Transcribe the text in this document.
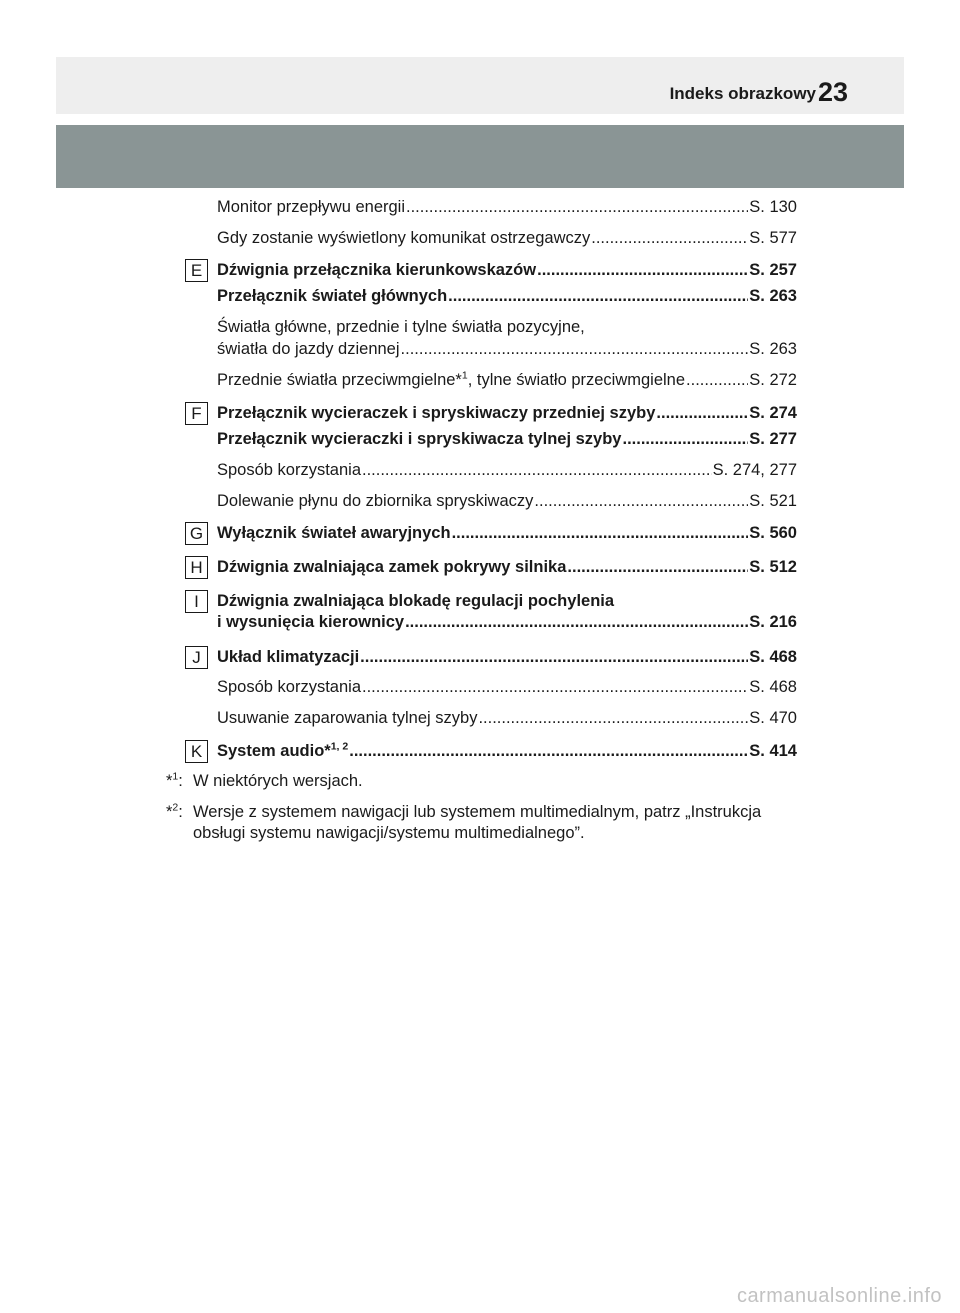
Indeks obrazkowy 23
Monitor przepływu energii .....	S. 130
Gdy zostanie wyświetlony komunikat ostrzegawczy .....	S. 577
E Dźwignia przełącznika kierunkowskazów .....	S. 257
Przełącznik świateł głównych .....	S. 263
Światła główne, przednie i tylne światła pozycyjne,
światła do jazdy dziennej .....	S. 263
Przednie światła przeciwmgielne*$^1$, tylne światło przeciwmgielne .....	S. 272
F Przełącznik wycieraczek i spryskiwaczy przedniej szyby .....	S. 274
Przełącznik wycieraczki i spryskiwacza tylnej szyby .....	S. 277
Sposób korzystania .....	S. 274, 277
Dolewanie płynu do zbiornika spryskiwaczy .....	S. 521
G Wyłącznik świateł awaryjnych .....	S. 560
H Dźwignia zwalniająca zamek pokrywy silnika .....	S. 512
I	Dźwignia zwalniająca blokadę regulacji pochylenia
i wysunięcia kierownicy .....	S. 216
J Układ klimatyzacji .....	S. 468
Sposób korzystania .....	S. 468
Usuwanie zaparowania tylnej szyby .....	S. 470
K System audio*$^{1, 2}$ .....	S. 414
*$^1$: W niektórych wersjach.
*$^2$: Wersje z systemem nawigacji lub systemem multimedialnym, patrz „Instrukcja
obsługi systemu nawigacji/systemu multimedialnego”.
carmanualsonline.info
